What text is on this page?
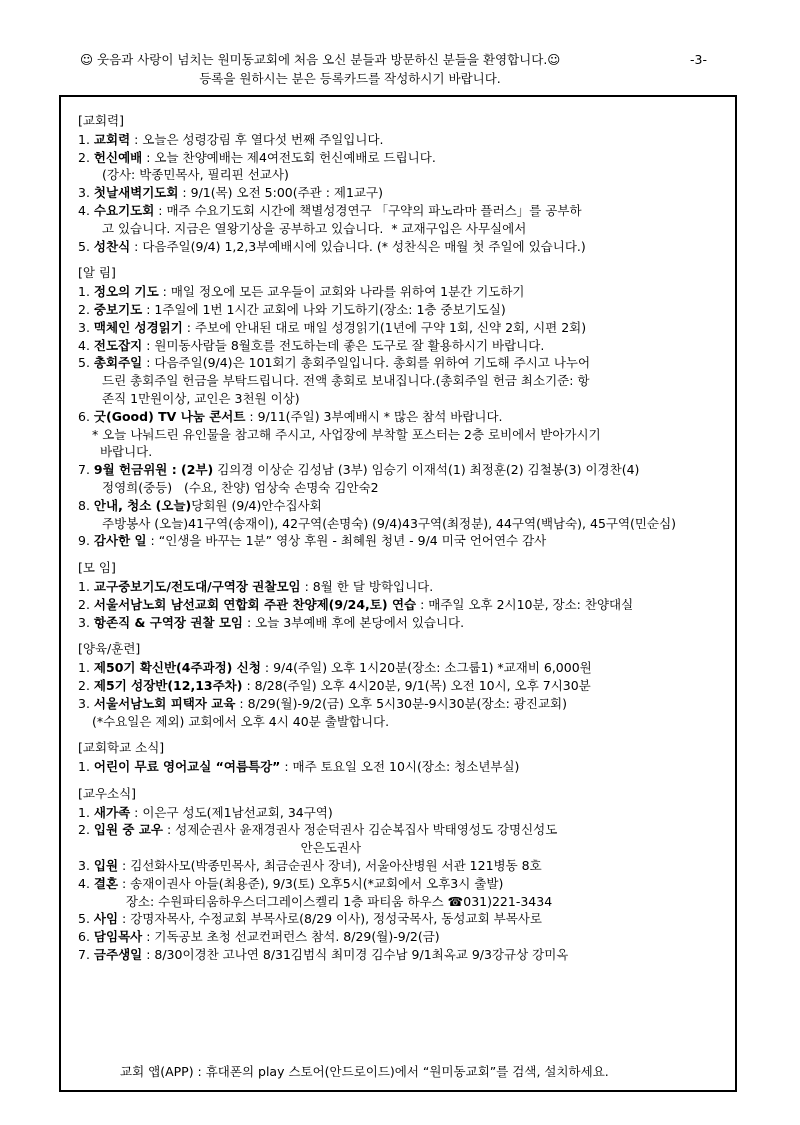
☺ 웃음과 사랑이 넘치는 원미동교회에 처음 오신 분들과 방문하신 분들을 환영합니다.☺	-3-
등록을 원하시는 분은 등록카드를 작성하시기 바랍니다.
[교회력]
1. 교회력 : 오늘은 성령강림 후 열다섯 번째 주일입니다.
2. 헌신예배 : 오늘 찬양예배는 제4여전도회 헌신예배로 드립니다.
(강사: 박종민목사, 필리핀 선교사)
3. 첫날새벽기도회 : 9/1(목) 오전 5:00(주관 : 제1교구)
4. 수요기도회 : 매주 수요기도회 시간에 책별성경연구 「구약의 파노라마 플러스」를 공부하
고 있습니다. 지금은 열왕기상을 공부하고 있습니다.  * 교재구입은 사무실에서
5. 성찬식 : 다음주일(9/4) 1,2,3부예배시에 있습니다. (* 성찬식은 매월 첫 주일에 있습니다.)
[알 림]
1. 정오의 기도 : 매일 정오에 모든 교우들이 교회와 나라를 위하여 1분간 기도하기
2. 중보기도 : 1주일에 1번 1시간 교회에 나와 기도하기(장소: 1층 중보기도실)
3. 맥체인 성경읽기 : 주보에 안내된 대로 매일 성경읽기(1년에 구약 1회, 신약 2회, 시편 2회)
4. 전도잡지 : 원미동사람들 8월호를 전도하는데 좋은 도구로 잘 활용하시기 바랍니다.
5. 총회주일 : 다음주일(9/4)은 101회기 총회주일입니다. 총회를 위하여 기도해 주시고 나누어
드린 총회주일 헌금을 부탁드립니다. 전액 총회로 보내집니다.(총회주일 헌금 최소기준: 항
존직 1만원이상, 교인은 3천원 이상)
6. 굿(Good) TV 나눔 콘서트 : 9/11(주일) 3부예배시 * 많은 참석 바랍니다.
* 오늘 나눠드린 유인물을 참고해 주시고, 사업장에 부착할 포스터는 2층 로비에서 받아가시기
바랍니다.
7. 9월 헌금위원 : (2부) 김의경 이상순 김성남 (3부) 임승기 이재석(1) 최정훈(2) 김철봉(3) 이경찬(4)
정영희(중등)   (수요, 찬양) 엄상숙 손명숙 김안숙2
8. 안내, 청소 (오늘)당회원 (9/4)안수집사회
주방봉사 (오늘)41구역(송재이), 42구역(손명숙) (9/4)43구역(최정분), 44구역(백남숙), 45구역(민순심)
9. 감사한 일 : “인생을 바꾸는 1분” 영상 후원 - 최혜원 청년 - 9/4 미국 언어연수 감사
[모 임]
1. 교구중보기도/전도대/구역장 권찰모임 : 8월 한 달 방학입니다.
2. 서울서남노회 남선교회 연합회 주관 찬양제(9/24,토) 연습 : 매주일 오후 2시10분, 장소: 찬양대실
3. 항존직 & 구역장 권찰 모임 : 오늘 3부예배 후에 본당에서 있습니다.
[양육/훈련]
1. 제50기 확신반(4주과정) 신청 : 9/4(주일) 오후 1시20분(장소: 소그룹1) *교재비 6,000원
2. 제5기 성장반(12,13주차) : 8/28(주일) 오후 4시20분, 9/1(목) 오전 10시, 오후 7시30분
3. 서울서남노회 피택자 교육 : 8/29(월)-9/2(금) 오후 5시30분-9시30분(장소: 광진교회)
(*수요일은 제외) 교회에서 오후 4시 40분 출발합니다.
[교회학교 소식]
1. 어린이 무료 영어교실 “여름특강” : 매주 토요일 오전 10시(장소: 청소년부실)
[교우소식]
1. 새가족 : 이은구 성도(제1남선교회, 34구역)
2. 입원 중 교우 : 성제순권사 윤재경권사 정순덕권사 김순복집사 박태영성도 강명신성도
안은도권사
3. 입원 : 김선화사모(박종민목사, 최금순권사 장녀), 서울아산병원 서관 121병동 8호
4. 결혼 : 송재이권사 아들(최용준), 9/3(토) 오후5시(*교회에서 오후3시 출발)
장소: 수원파티움하우스더그레이스켈리 1층 파티움 하우스 ☎031)221-3434
5. 사임 : 강명자목사, 수정교회 부목사로(8/29 이사), 정성국목사, 동성교회 부목사로
6. 담임목사 : 기독공보 초청 선교컨퍼런스 참석. 8/29(월)-9/2(금)
7. 금주생일 : 8/30이경찬 고나연 8/31김범식 최미경 김수남 9/1최옥교 9/3강규상 강미옥
교회 앱(APP) : 휴대폰의 play 스토어(안드로이드)에서 “원미동교회”를 검색, 설치하세요.
